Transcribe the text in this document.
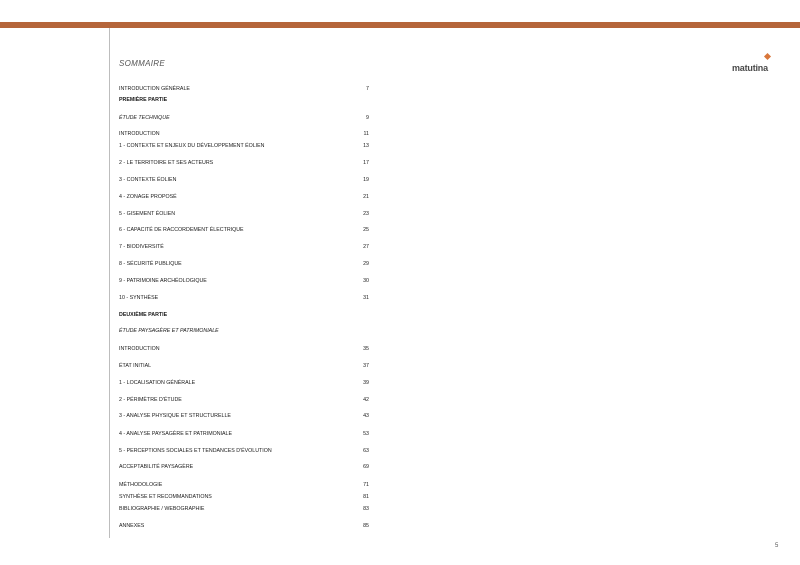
SOMMAIRE	matutina
INTRODUCTION GÉNÉRALE	7
PREMIÈRE PARTIE
ÉTUDE TECHNIQUE	9
INTRODUCTION	11
1 - CONTEXTE ET ENJEUX DU DÉVELOPPEMENT ÉOLIEN	13
2 - LE TERRITOIRE ET SES ACTEURS	17
3 - CONTEXTE ÉOLIEN	19
4 - ZONAGE PROPOSÉ	21
5 - GISEMENT ÉOLIEN	23
6 - CAPACITÉ DE RACCORDEMENT ÉLECTRIQUE	25
7 - BIODIVERSITÉ	27
8 - SÉCURITÉ PUBLIQUE	29
9 - PATRIMOINE ARCHÉOLOGIQUE	30
10 - SYNTHÈSE	31
DEUXIÈME PARTIE
ÉTUDE PAYSAGÈRE ET PATRIMONIALE
INTRODUCTION	35
ÉTAT INITIAL	37
1 - LOCALISATION GÉNÉRALE	39
2 - PÉRIMÈTRE D'ÉTUDE	42
3 - ANALYSE PHYSIQUE ET STRUCTURELLE	43
4 - ANALYSE PAYSAGÈRE ET PATRIMONIALE	53
5 - PERCEPTIONS SOCIALES ET TENDANCES D'ÉVOLUTION	63
ACCEPTABILITÉ PAYSAGÈRE	69
MÉTHODOLOGIE	71
SYNTHÈSE ET RECOMMANDATIONS	81
BIBLIOGRAPHIE / WEBOGRAPHIE	83
ANNEXES	85
5
